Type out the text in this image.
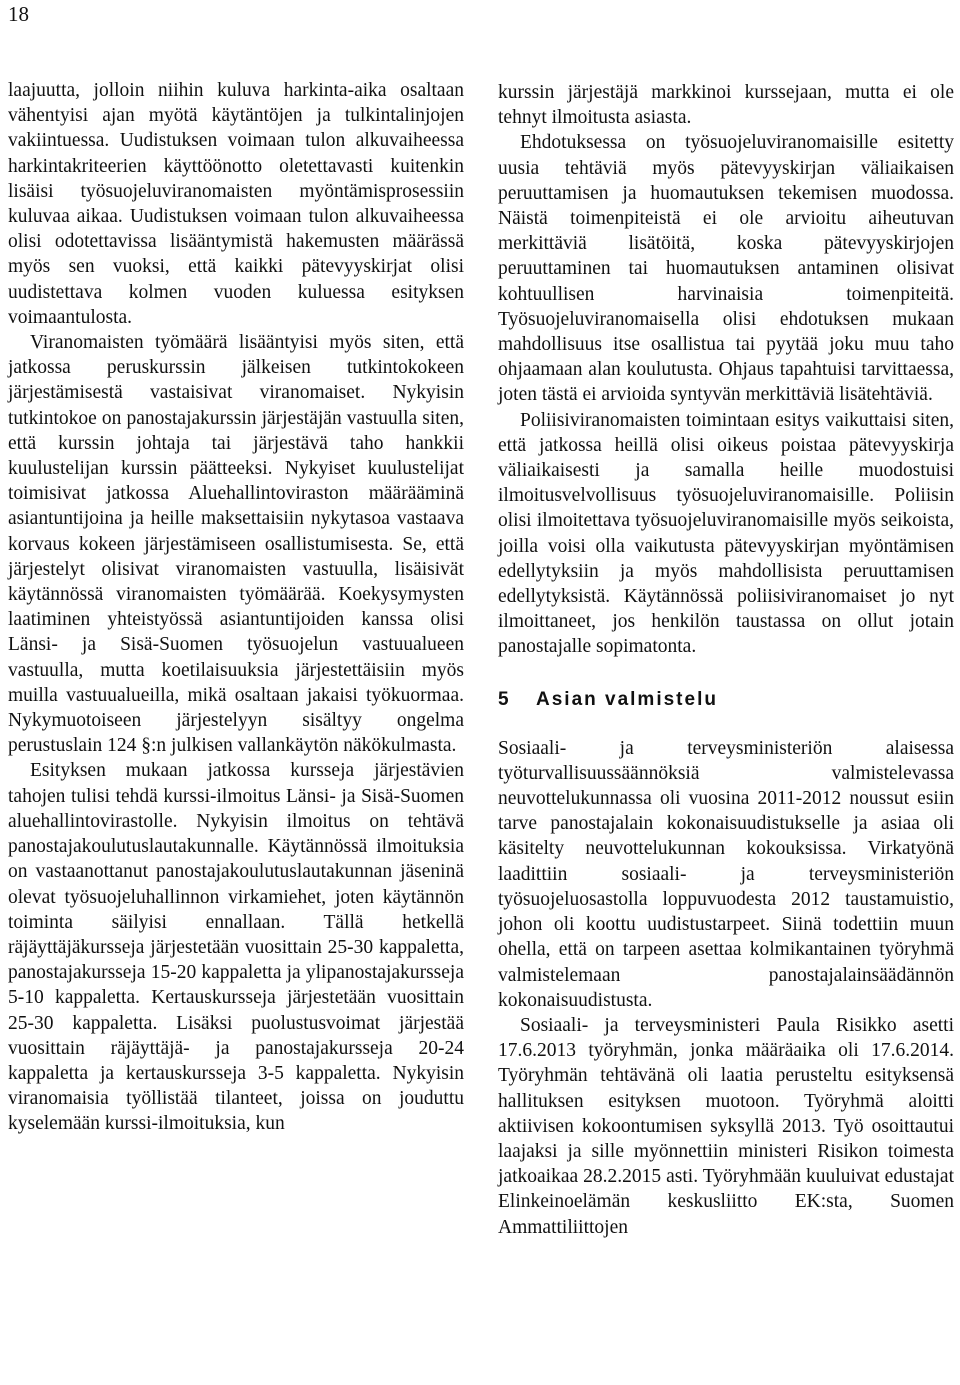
18

laajuutta, jolloin niihin kuluva harkinta-aika osaltaan vähentyisi ajan myötä käytäntöjen ja tulkintalinjojen vakiintuessa. Uudistuksen voimaan tulon alkuvaiheessa harkintakriteerien käyttöönotto oletettavasti kuitenkin lisäisi työsuojeluviranomaisten myöntämisprosessiin kuluvaa aikaa. Uudistuksen voimaan tulon alkuvaiheessa olisi odotettavissa lisääntymistä hakemusten määrässä myös sen vuoksi, että kaikki pätevyyskirjat olisi uudistettava kolmen vuoden kuluessa esityksen voimaantulosta.

Viranomaisten työmäärä lisääntyisi myös siten, että jatkossa peruskurssin jälkeisen tutkintokokeen järjestämisestä vastaisivat viranomaiset. Nykyisin tutkintokoe on panostajakurssin järjestäjän vastuulla siten, että kurssin johtaja tai järjestävä taho hankkii kuulustelijan kurssin päätteeksi. Nykyiset kuulustelijat toimisivat jatkossa Aluehallintoviraston määrääminä asiantuntijoina ja heille maksettaisiin nykytasoa vastaava korvaus kokeen järjestämiseen osallistumisesta. Se, että järjestelyt olisivat viranomaisten vastuulla, lisäisivät käytännössä viranomaisten työmäärää. Koekysymysten laatiminen yhteistyössä asiantuntijoiden kanssa olisi Länsi- ja Sisä-Suomen työsuojelun vastuualueen vastuulla, mutta koetilaisuuksia järjestettäisiin myös muilla vastuualueilla, mikä osaltaan jakaisi työkuormaa. Nykymuotoiseen järjestelyyn sisältyy ongelma perustuslain 124 §:n julkisen vallankäytön näkökulmasta.

Esityksen mukaan jatkossa kursseja järjestävien tahojen tulisi tehdä kurssi-ilmoitus Länsi- ja Sisä-Suomen aluehallintovirastolle. Nykyisin ilmoitus on tehtävä panostajakoulutuslautakunnalle. Käytännössä ilmoituksia on vastaanottanut panostajakoulutuslautakunnan jäseninä olevat työsuojeluhallinnon virkamiehet, joten käytännön toiminta säilyisi ennallaan. Tällä hetkellä räjäyttäjäkursseja järjestetään vuosittain 25-30 kappaletta, panostajakursseja 15-20 kappaletta ja ylipanostajakursseja 5-10 kappaletta. Kertauskursseja järjestetään vuosittain 25-30 kappaletta. Lisäksi puolustusvoimat järjestää vuosittain räjäyttäjä- ja panostajakursseja 20-24 kappaletta ja kertauskursseja 3-5 kappaletta. Nykyisin viranomaisia työllistää tilanteet, joissa on jouduttu kyselemään kurssi-ilmoituksia, kun

kurssin järjestäjä markkinoi kurssejaan, mutta ei ole tehnyt ilmoitusta asiasta.

Ehdotuksessa on työsuojeluviranomaisille esitetty uusia tehtäviä myös pätevyyskirjan väliaikaisen peruuttamisen ja huomautuksen tekemisen muodossa. Näistä toimenpiteistä ei ole arvioitu aiheutuvan merkittäviä lisätöitä, koska pätevyyskirjojen peruuttaminen tai huomautuksen antaminen olisivat kohtuullisen harvinaisia toimenpiteitä. Työsuojeluviranomaisella olisi ehdotuksen mukaan mahdollisuus itse osallistua tai pyytää joku muu taho ohjaamaan alan koulutusta. Ohjaus tapahtuisi tarvittaessa, joten tästä ei arvioida syntyvän merkittäviä lisätehtäviä.

Poliisiviranomaisten toimintaan esitys vaikuttaisi siten, että jatkossa heillä olisi oikeus poistaa pätevyyskirja väliaikaisesti ja samalla heille muodostuisi ilmoitusvelvollisuus työsuojeluviranomaisille. Poliisin olisi ilmoitettava työsuojeluviranomaisille myös seikoista, joilla voisi olla vaikutusta pätevyyskirjan myöntämisen edellytyksiin ja myös mahdollisista peruuttamisen edellytyksistä. Käytännössä poliisiviranomaiset jo nyt ilmoittaneet, jos henkilön taustassa on ollut jotain panostajalle sopimatonta.

5 Asian valmistelu

Sosiaali- ja terveysministeriön alaisessa työturvallisuussäännöksiä valmistelevassa neuvottelukunnassa oli vuosina 2011-2012 noussut esiin tarve panostajalain kokonaisuudistukselle ja asiaa oli käsitelty neuvottelukunnan kokouksissa. Virkatyönä laadittiin sosiaali- ja terveysministeriön työsuojeluosastolla loppuvuodesta 2012 taustamuistio, johon oli koottu uudistustarpeet. Siinä todettiin muun ohella, että on tarpeen asettaa kolmikantainen työryhmä valmistelemaan panostajalainsäädännön kokonaisuudistusta.

Sosiaali- ja terveysministeri Paula Risikko asetti 17.6.2013 työryhmän, jonka määräaika oli 17.6.2014. Työryhmän tehtävänä oli laatia perusteltu esityksensä hallituksen esityksen muotoon. Työryhmä aloitti aktiivisen kokoontumisen syksyllä 2013. Työ osoittautui laajaksi ja sille myönnettiin ministeri Risikon toimesta jatkoaikaa 28.2.2015 asti. Työryhmään kuuluivat edustajat Elinkeinoelämän keskusliitto EK:sta, Suomen Ammattiliittojen
